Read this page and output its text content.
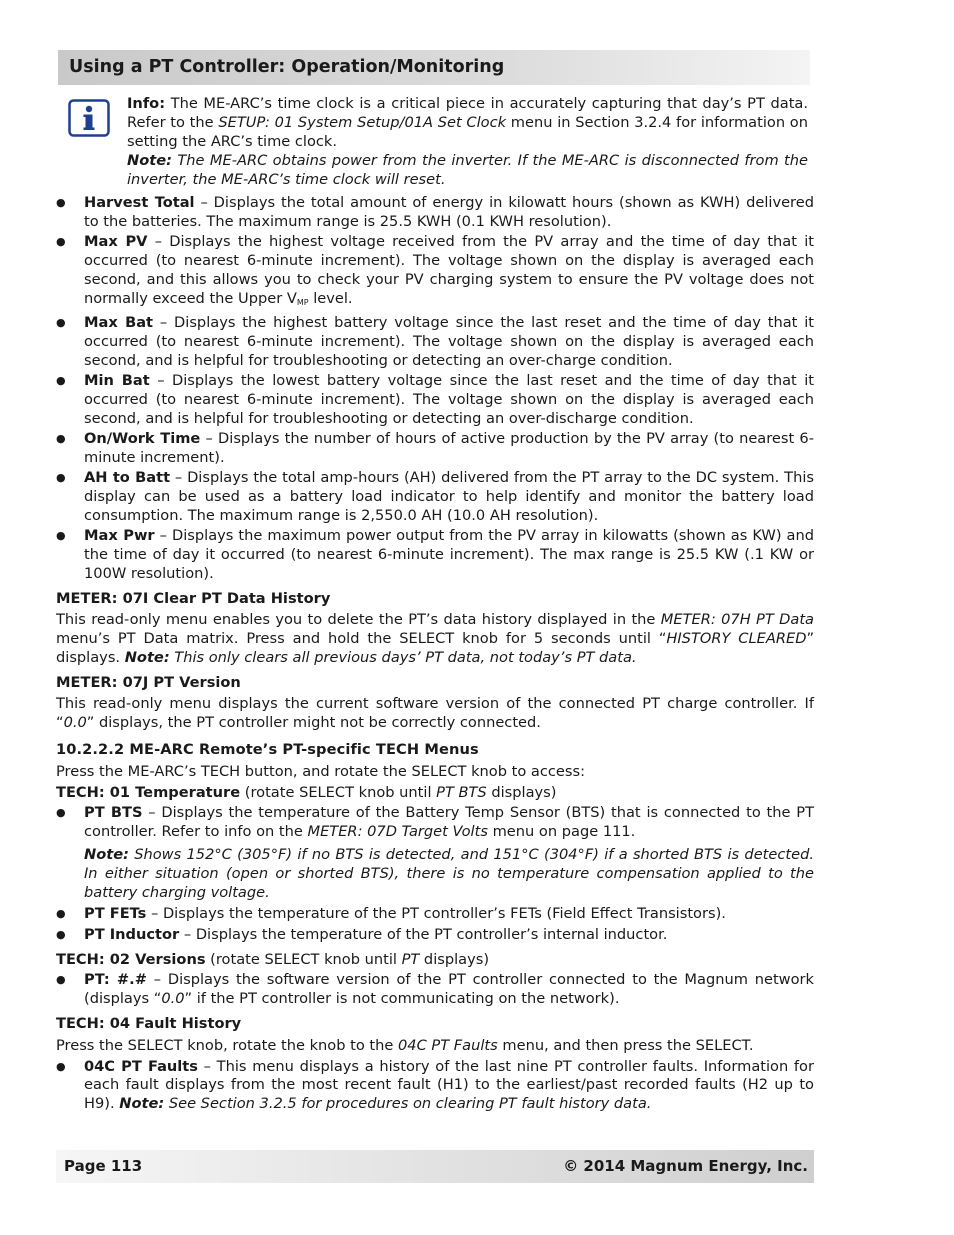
Using a PT Controller: Operation/Monitoring

Info: The ME-ARC’s time clock is a critical piece in accurately capturing that day’s PT data. Refer to the SETUP: 01 System Setup/01A Set Clock menu in Section 3.2.4 for information on setting the ARC’s time clock.

Note: The ME-ARC obtains power from the inverter. If the ME-ARC is disconnected from the inverter, the ME-ARC’s time clock will reset.

● Harvest Total – Displays the total amount of energy in kilowatt hours (shown as KWH) delivered to the batteries. The maximum range is 25.5 KWH (0.1 KWH resolution).
● Max PV – Displays the highest voltage received from the PV array and the time of day that it occurred (to nearest 6-minute increment). The voltage shown on the display is averaged each second, and this allows you to check your PV charging system to ensure the PV voltage does not normally exceed the Upper $V_{MP}$ level.
● Max Bat – Displays the highest battery voltage since the last reset and the time of day that it occurred (to nearest 6-minute increment). The voltage shown on the display is averaged each second, and is helpful for troubleshooting or detecting an over-charge condition.
● Min Bat – Displays the lowest battery voltage since the last reset and the time of day that it occurred (to nearest 6-minute increment). The voltage shown on the display is averaged each second, and is helpful for troubleshooting or detecting an over-discharge condition.
● On/Work Time – Displays the number of hours of active production by the PV array (to nearest 6-minute increment).
● AH to Batt – Displays the total amp-hours (AH) delivered from the PT array to the DC system. This display can be used as a battery load indicator to help identify and monitor the battery load consumption. The maximum range is 2,550.0 AH (10.0 AH resolution).
● Max Pwr – Displays the maximum power output from the PV array in kilowatts (shown as KW) and the time of day it occurred (to nearest 6-minute increment). The max range is 25.5 KW (.1 KW or 100W resolution).
METER: 07I Clear PT Data History
This read-only menu enables you to delete the PT’s data history displayed in the METER: 07H PT Data menu’s PT Data matrix. Press and hold the SELECT knob for 5 seconds until “HISTORY CLEARED” displays. Note: This only clears all previous days’ PT data, not today’s PT data.
METER: 07J PT Version
This read-only menu displays the current software version of the connected PT charge controller. If “0.0” displays, the PT controller might not be correctly connected.
10.2.2.2 ME-ARC Remote’s PT-specific TECH Menus
Press the ME-ARC’s TECH button, and rotate the SELECT knob to access:
TECH: 01 Temperature (rotate SELECT knob until PT BTS displays)
● PT BTS – Displays the temperature of the Battery Temp Sensor (BTS) that is connected to the PT controller. Refer to info on the METER: 07D Target Volts menu on page 111.
Note: Shows 152°C (305°F) if no BTS is detected, and 151°C (304°F) if a shorted BTS is detected. In either situation (open or shorted BTS), there is no temperature compensation applied to the battery charging voltage.
● PT FETs – Displays the temperature of the PT controller’s FETs (Field Effect Transistors).
● PT Inductor – Displays the temperature of the PT controller’s internal inductor.
TECH: 02 Versions (rotate SELECT knob until PT displays)
● PT: #.# – Displays the software version of the PT controller connected to the Magnum network (displays “0.0” if the PT controller is not communicating on the network).
TECH: 04 Fault History
Press the SELECT knob, rotate the knob to the 04C PT Faults menu, and then press the SELECT.
● 04C PT Faults – This menu displays a history of the last nine PT controller faults. Information for each fault displays from the most recent fault (H1) to the earliest/past recorded faults (H2 up to H9). Note: See Section 3.2.5 for procedures on clearing PT fault history data.
Page 113	© 2014 Magnum Energy, Inc.
